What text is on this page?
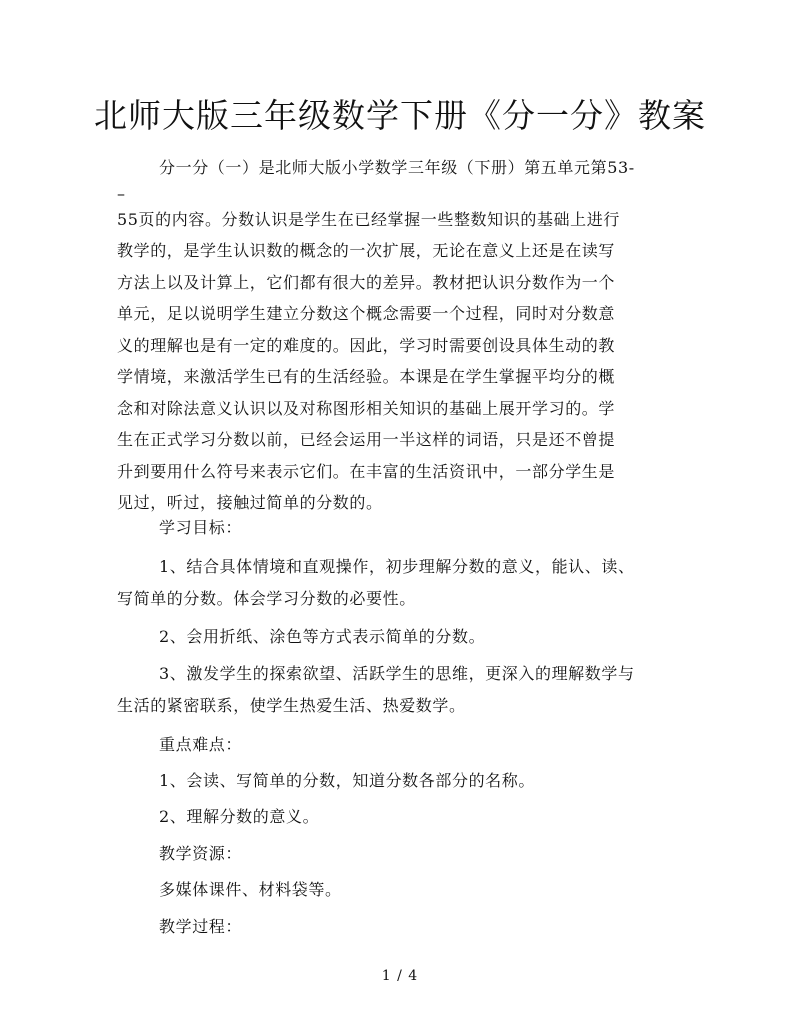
北师大版三年级数学下册《分一分》教案
分一分（一）是北师大版小学数学三年级（下册）第五单元第53-
–
55页的内容。分数认识是学生在已经掌握一些整数知识的基础上进行
教学的，是学生认识数的概念的一次扩展，无论在意义上还是在读写
方法上以及计算上，它们都有很大的差异。教材把认识分数作为一个
单元，足以说明学生建立分数这个概念需要一个过程，同时对分数意
义的理解也是有一定的难度的。因此，学习时需要创设具体生动的教
学情境，来激活学生已有的生活经验。本课是在学生掌握平均分的概
念和对除法意义认识以及对称图形相关知识的基础上展开学习的。学
生在正式学习分数以前，已经会运用一半这样的词语，只是还不曾提
升到要用什么符号来表示它们。在丰富的生活资讯中，一部分学生是
见过，听过，接触过简单的分数的。

学习目标：

1、结合具体情境和直观操作，初步理解分数的意义，能认、读、
写简单的分数。体会学习分数的必要性。

2、会用折纸、涂色等方式表示简单的分数。

3、激发学生的探索欲望、活跃学生的思维，更深入的理解数学与
生活的紧密联系，使学生热爱生活、热爱数学。

重点难点：

1、会读、写简单的分数，知道分数各部分的名称。

2、理解分数的意义。

教学资源：

多媒体课件、材料袋等。

教学过程：

1 / 4
